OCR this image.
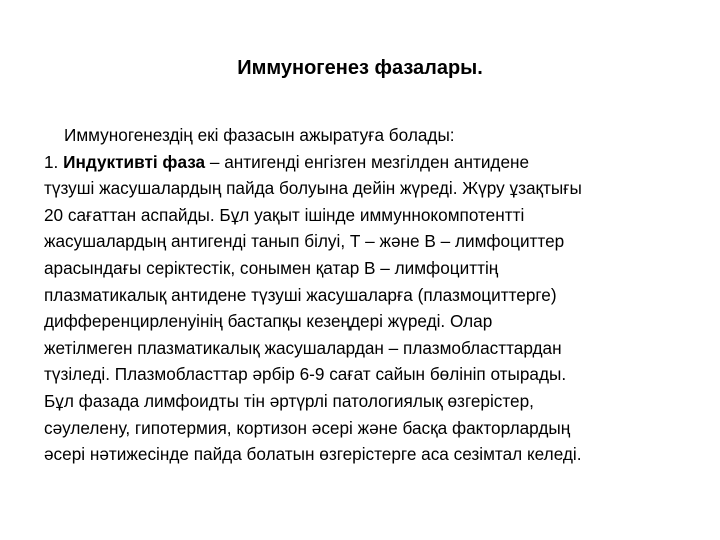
Иммуногенез фазалары.
Иммуногенездің екі фазасын ажыратуға болады:
1. Индуктивті фаза – антигенді енгізген мезгілден антидене
түзуші жасушалардың пайда болуына дейін жүреді. Жүру ұзақтығы
20 сағаттан аспайды. Бұл уақыт ішінде иммуннокомпотентті
жасушалардың антигенді танып білуі, Т – және В – лимфоциттер
арасындағы серіктестік, сонымен қатар В – лимфоциттің
плазматикалық антидене түзуші жасушаларға (плазмоциттерге)
дифференцирленуінің бастапқы кезеңдері жүреді. Олар
жетілмеген плазматикалық жасушалардан – плазмобласттардан
түзіледі. Плазмобласттар әрбір 6-9 сағат сайын бөлініп отырады.
Бұл фазада лимфоидты тін әртүрлі патологиялық өзгерістер,
сәулелену, гипотермия, кортизон әсері және басқа факторлардың
әсері нәтижесінде пайда болатын өзгерістерге аса сезімтал келеді.
